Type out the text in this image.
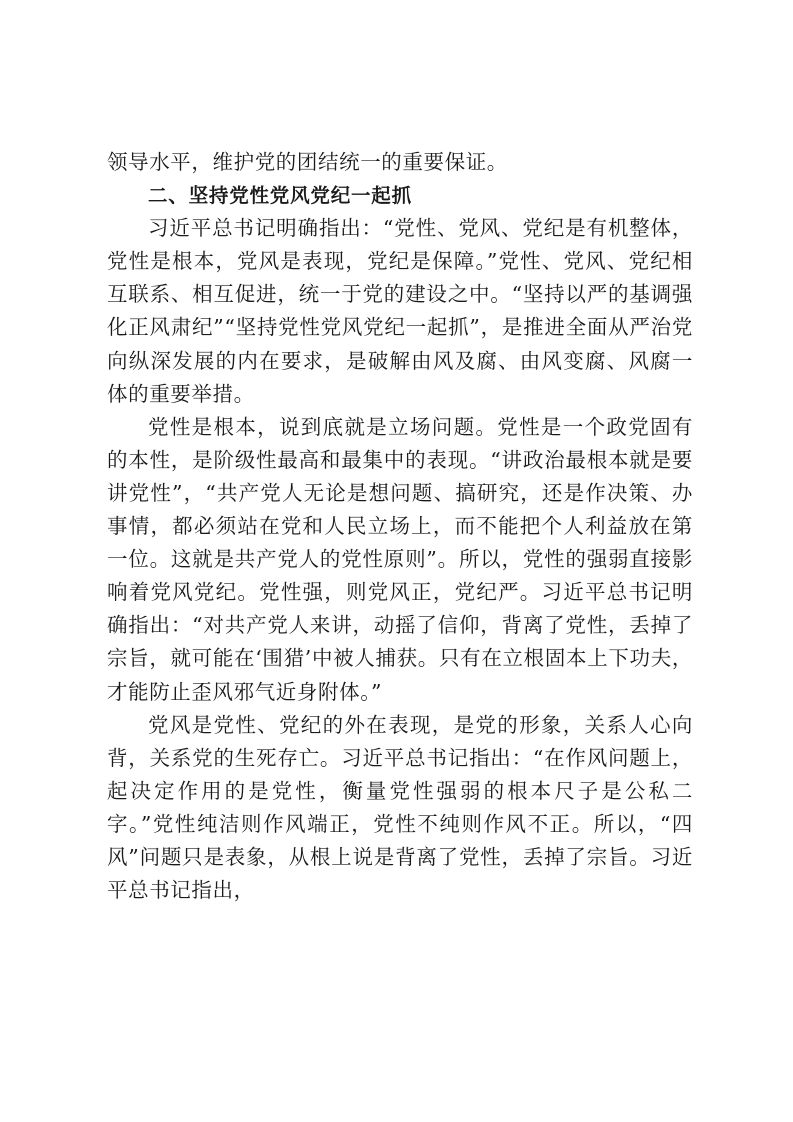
领导水平，维护党的团结统一的重要保证。

二、坚持党性党风党纪一起抓

习近平总书记明确指出：“党性、党风、党纪是有机整体，党性是根本，党风是表现，党纪是保障。”党性、党风、党纪相互联系、相互促进，统一于党的建设之中。“坚持以严的基调强化正风肃纪”“坚持党性党风党纪一起抓”，是推进全面从严治党向纵深发展的内在要求，是破解由风及腐、由风变腐、风腐一体的重要举措。

党性是根本，说到底就是立场问题。党性是一个政党固有的本性，是阶级性最高和最集中的表现。“讲政治最根本就是要讲党性”，“共产党人无论是想问题、搞研究，还是作决策、办事情，都必须站在党和人民立场上，而不能把个人利益放在第一位。这就是共产党人的党性原则”。所以，党性的强弱直接影响着党风党纪。党性强，则党风正，党纪严。习近平总书记明确指出：“对共产党人来讲，动摇了信仰，背离了党性，丢掉了宗旨，就可能在‘围猎’中被人捕获。只有在立根固本上下功夫，才能防止歪风邪气近身附体。”

党风是党性、党纪的外在表现，是党的形象，关系人心向背，关系党的生死存亡。习近平总书记指出：“在作风问题上，起决定作用的是党性，衡量党性强弱的根本尺子是公私二字。”党性纯洁则作风端正，党性不纯则作风不正。所以，“四风”问题只是表象，从根上说是背离了党性，丢掉了宗旨。习近平总书记指出，
